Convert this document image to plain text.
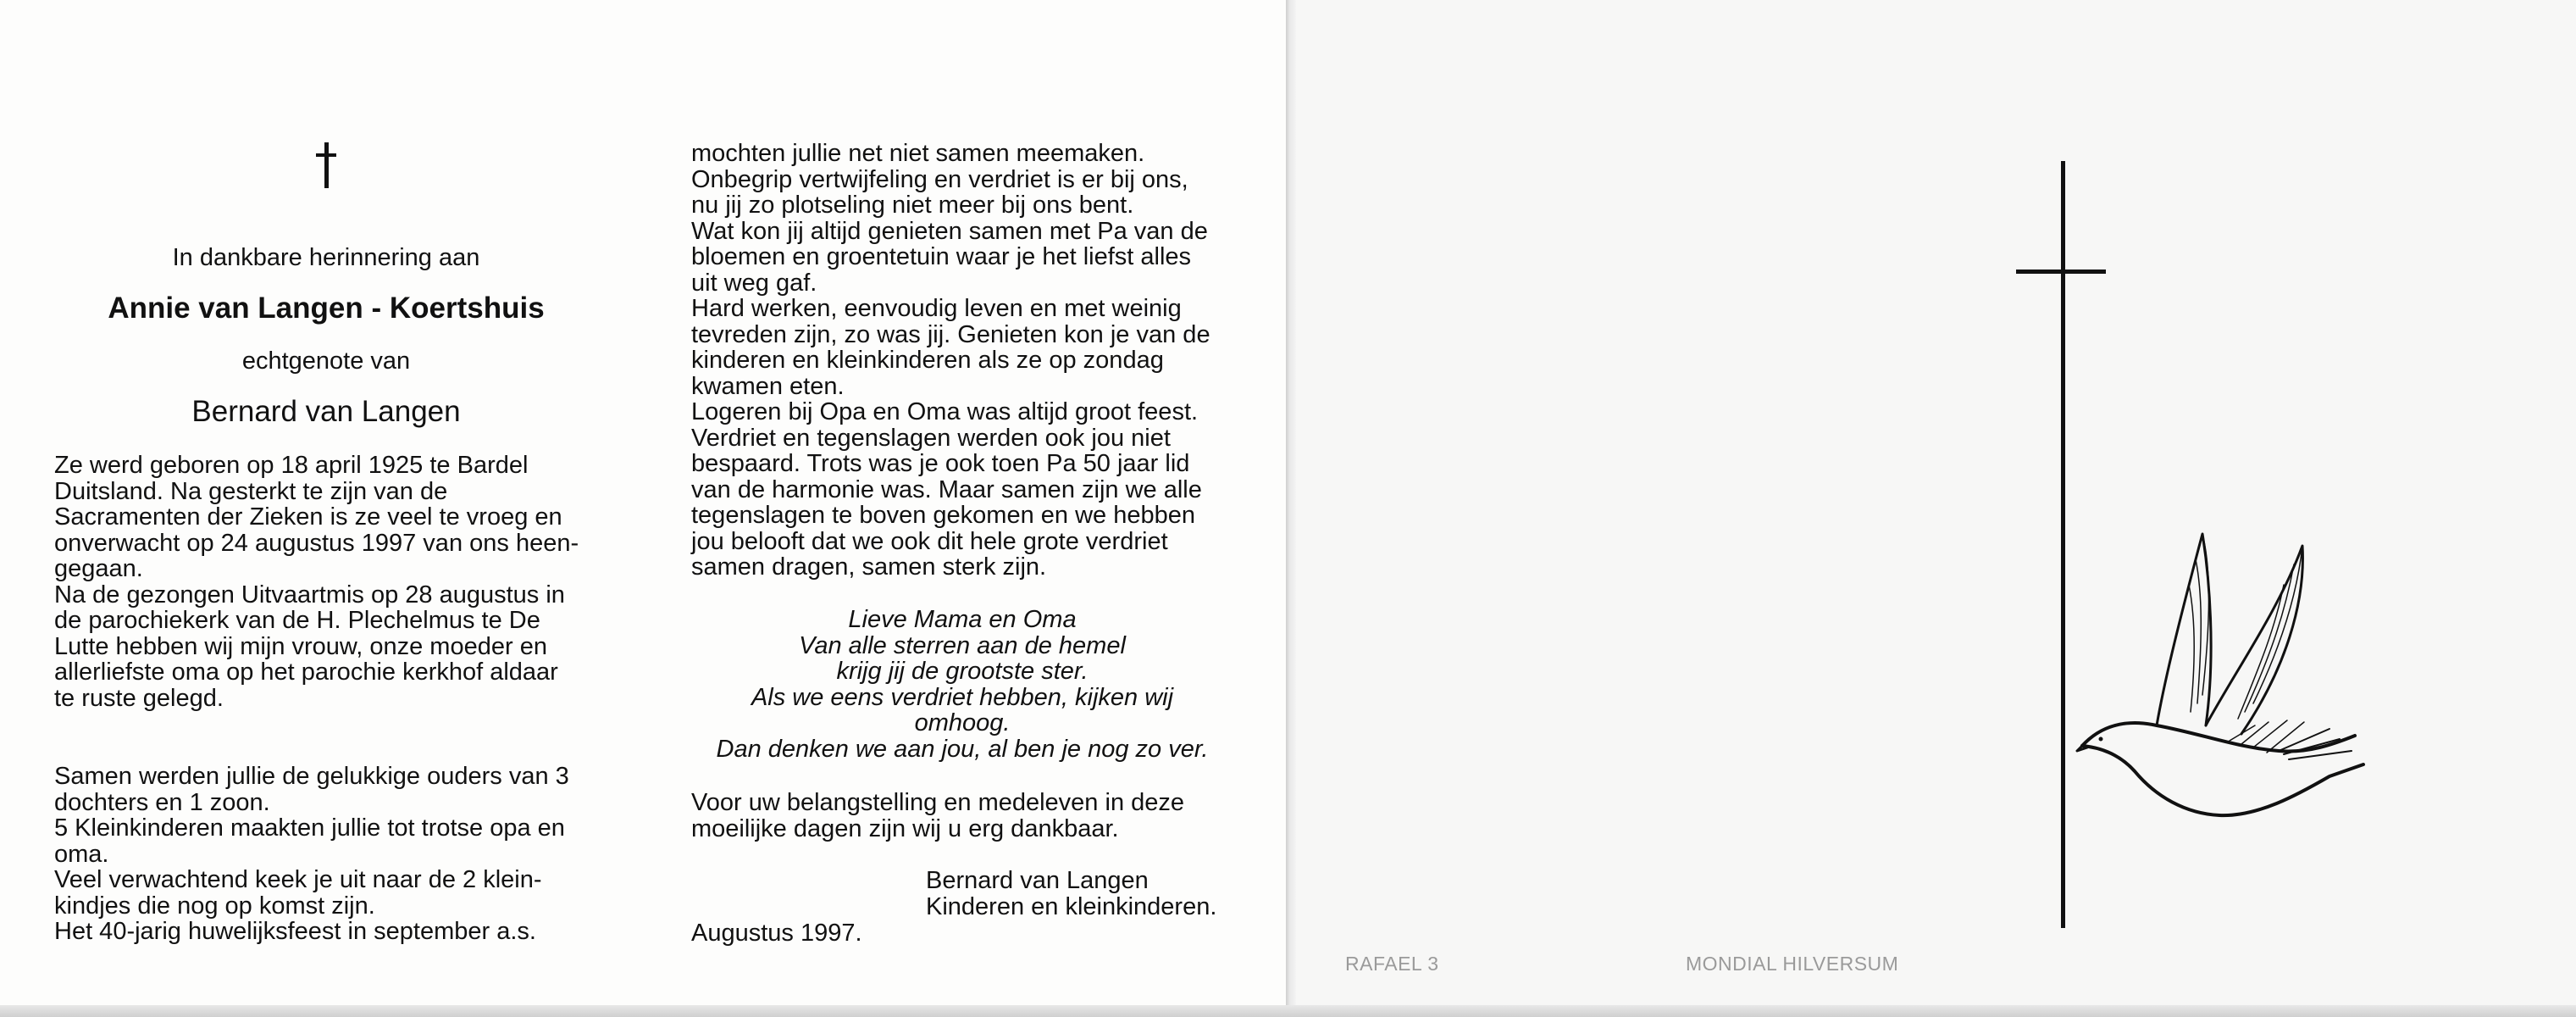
In dankbare herinnering aan
Annie van Langen - Koertshuis
echtgenote van
Bernard van Langen

Ze werd geboren op 18 april 1925 te Bardel
Duitsland. Na gesterkt te zijn van de
Sacramenten der Zieken is ze veel te vroeg en
onverwacht op 24 augustus 1997 van ons heen-
gegaan.
Na de gezongen Uitvaartmis op 28 augustus in
de parochiekerk van de H. Plechelmus te De
Lutte hebben wij mijn vrouw, onze moeder en
allerliefste oma op het parochie kerkhof aldaar
te ruste gelegd.

Samen werden jullie de gelukkige ouders van 3
dochters en 1 zoon.
5 Kleinkinderen maakten jullie tot trotse opa en
oma.
Veel verwachtend keek je uit naar de 2 klein-
kindjes die nog op komst zijn.
Het 40-jarig huwelijksfeest in september a.s.

mochten jullie net niet samen meemaken.
Onbegrip vertwijfeling en verdriet is er bij ons,
nu jij zo plotseling niet meer bij ons bent.
Wat kon jij altijd genieten samen met Pa van de
bloemen en groentetuin waar je het liefst alles
uit weg gaf.
Hard werken, eenvoudig leven en met weinig
tevreden zijn, zo was jij. Genieten kon je van de
kinderen en kleinkinderen als ze op zondag
kwamen eten.
Logeren bij Opa en Oma was altijd groot feest.
Verdriet en tegenslagen werden ook jou niet
bespaard. Trots was je ook toen Pa 50 jaar lid
van de harmonie was. Maar samen zijn we alle
tegenslagen te boven gekomen en we hebben
jou belooft dat we ook dit hele grote verdriet
samen dragen, samen sterk zijn.

Lieve Mama en Oma
Van alle sterren aan de hemel
krijg jij de grootste ster.
Als we eens verdriet hebben, kijken wij
omhoog.
Dan denken we aan jou, al ben je nog zo ver.

Voor uw belangstelling en medeleven in deze
moeilijke dagen zijn wij u erg dankbaar.

Bernard van Langen
Kinderen en kleinkinderen.

Augustus 1997.

RAFAEL 3	MONDIAL HILVERSUM
